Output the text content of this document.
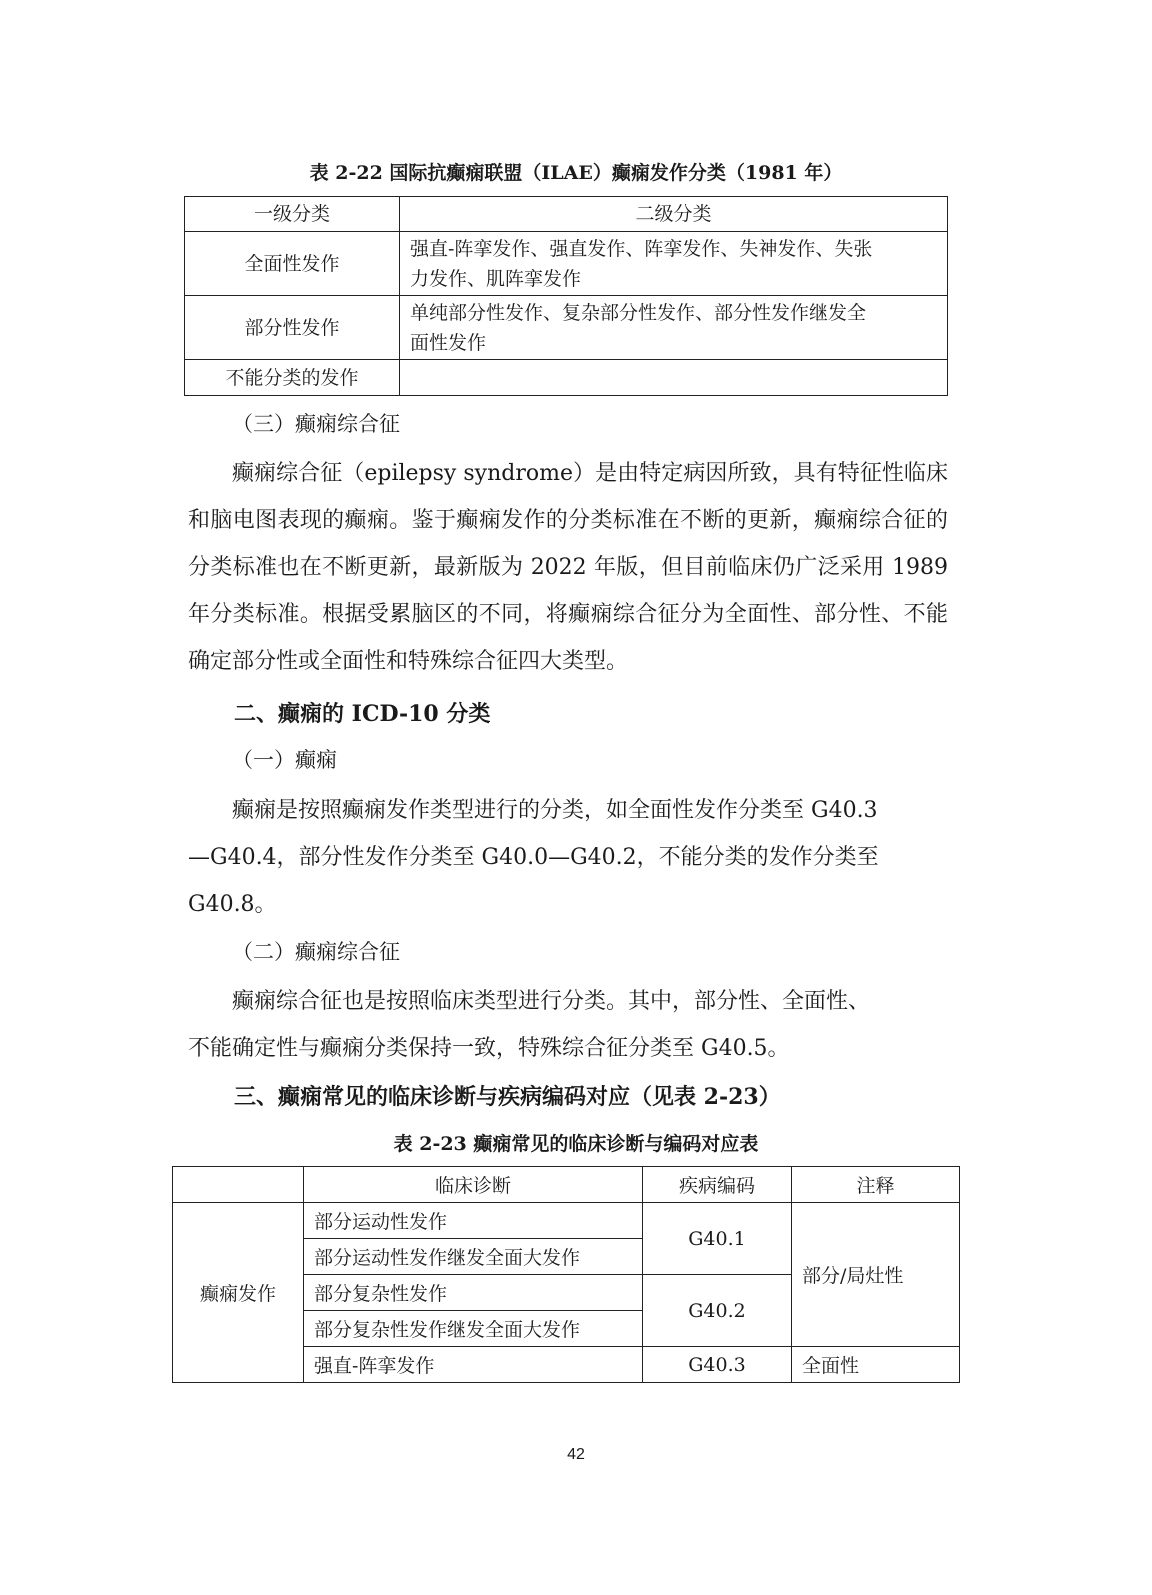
表 2-22 国际抗癫痫联盟（ILAE）癫痫发作分类（1981 年）
一级分类	二级分类
全面性发作	强直-阵挛发作、强直发作、阵挛发作、失神发作、失张
力发作、肌阵挛发作
部分性发作	单纯部分性发作、复杂部分性发作、部分性发作继发全
面性发作
不能分类的发作	
（三）癫痫综合征
癫痫综合征（epilepsy syndrome）是由特定病因所致，具有特征性临床和脑电图表现的癫痫。鉴于癫痫发作的分类标准在不断的更新，癫痫综合征的分类标准也在不断更新，最新版为 2022 年版，但目前临床仍广泛采用 1989 年分类标准。根据受累脑区的不同，将癫痫综合征分为全面性、部分性、不能确定部分性或全面性和特殊综合征四大类型。
二、癫痫的 ICD-10 分类
（一）癫痫
癫痫是按照癫痫发作类型进行的分类，如全面性发作分类至 G40.3
—G40.4，部分性发作分类至 G40.0—G40.2，不能分类的发作分类至
G40.8。
（二）癫痫综合征
癫痫综合征也是按照临床类型进行分类。其中，部分性、全面性、
不能确定性与癫痫分类保持一致，特殊综合征分类至 G40.5。
三、癫痫常见的临床诊断与疾病编码对应（见表 2-23）
表 2-23 癫痫常见的临床诊断与编码对应表
	临床诊断	疾病编码	注释
癫痫发作	部分运动性发作	G40.1	部分/局灶性
	部分运动性发作继发全面大发作		
	部分复杂性发作	G40.2	
	部分复杂性发作继发全面大发作		
	强直-阵挛发作	G40.3	全面性
42
